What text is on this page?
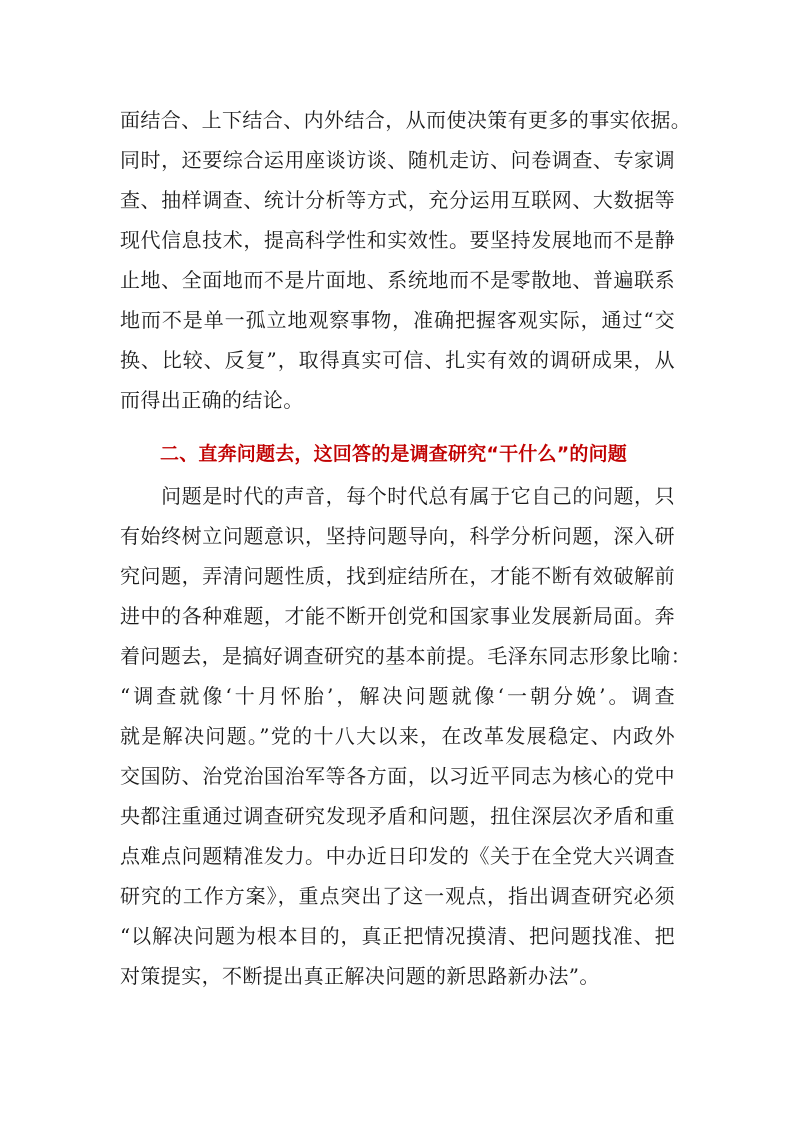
面结合、上下结合、内外结合，从而使决策有更多的事实依据。
同时，还要综合运用座谈访谈、随机走访、问卷调查、专家调
查、抽样调查、统计分析等方式，充分运用互联网、大数据等
现代信息技术，提高科学性和实效性。要坚持发展地而不是静
止地、全面地而不是片面地、系统地而不是零散地、普遍联系
地而不是单一孤立地观察事物，准确把握客观实际，通过“交
换、比较、反复”，取得真实可信、扎实有效的调研成果，从
而得出正确的结论。
二、直奔问题去，这回答的是调查研究“干什么”的问题
　　问题是时代的声音，每个时代总有属于它自己的问题，只
有始终树立问题意识，坚持问题导向，科学分析问题，深入研
究问题，弄清问题性质，找到症结所在，才能不断有效破解前
进中的各种难题，才能不断开创党和国家事业发展新局面。奔
着问题去，是搞好调查研究的基本前提。毛泽东同志形象比喻：
“调查就像‘十月怀胎’，解决问题就像‘一朝分娩’。调查
就是解决问题。”党的十八大以来，在改革发展稳定、内政外
交国防、治党治国治军等各方面，以习近平同志为核心的党中
央都注重通过调查研究发现矛盾和问题，扭住深层次矛盾和重
点难点问题精准发力。中办近日印发的《关于在全党大兴调查
研究的工作方案》，重点突出了这一观点，指出调查研究必须
“以解决问题为根本目的，真正把情况摸清、把问题找准、把
对策提实，不断提出真正解决问题的新思路新办法”。
